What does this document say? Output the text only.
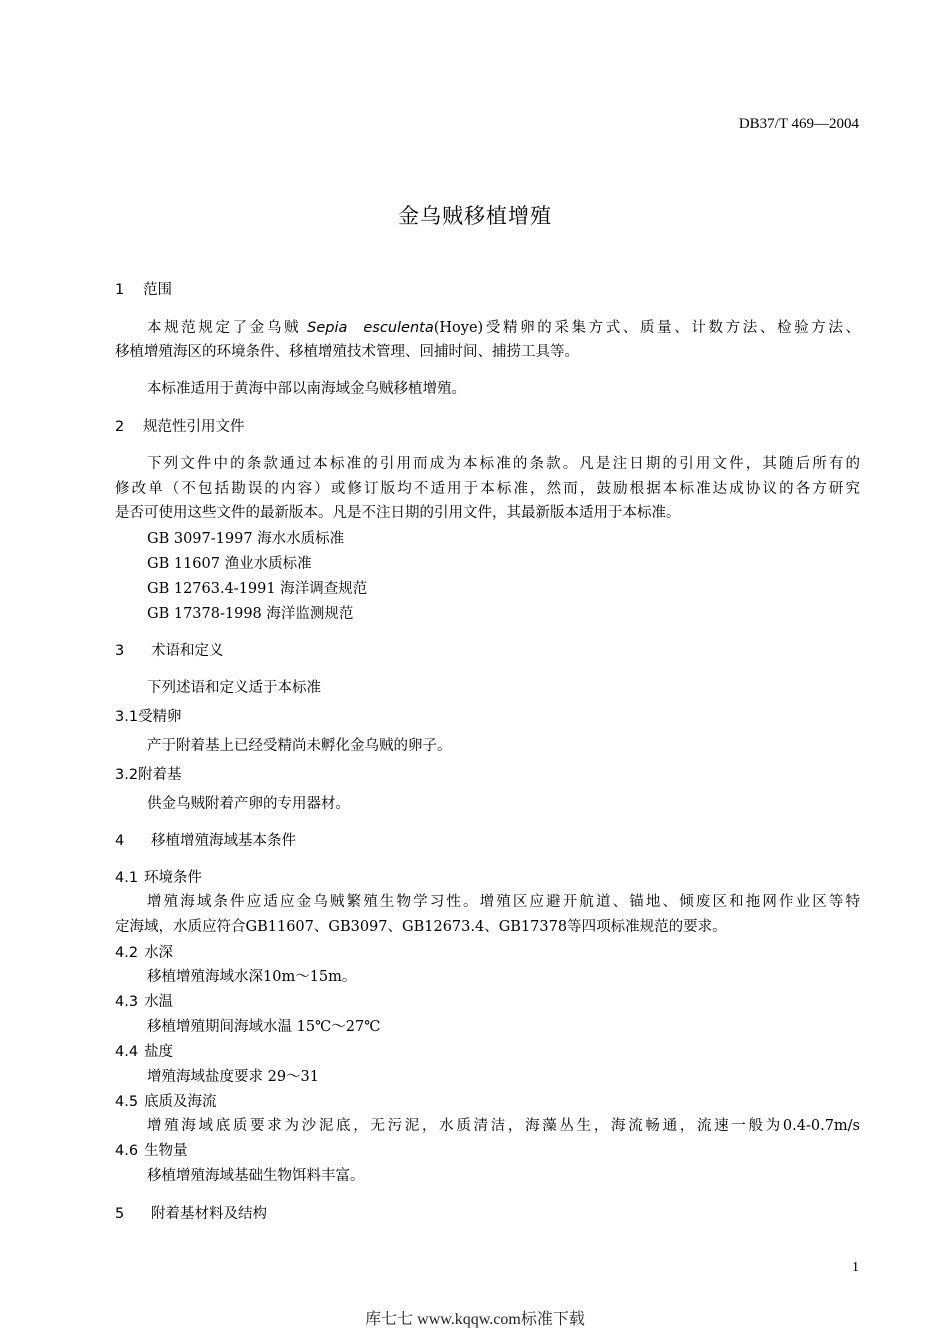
DB37/T 469—2004
金乌贼移植增殖
1 范围
本规范规定了金乌贼 Sepia esculenta(Hoye)受精卵的采集方式、质量、计数方法、检验方法、
移植增殖海区的环境条件、移植增殖技术管理、回捕时间、捕捞工具等。
本标准适用于黄海中部以南海域金乌贼移植增殖。
2 规范性引用文件
下列文件中的条款通过本标准的引用而成为本标准的条款。凡是注日期的引用文件，其随后所有的
修改单（不包括勘误的内容）或修订版均不适用于本标准，然而，鼓励根据本标准达成协议的各方研究
是否可使用这些文件的最新版本。凡是不注日期的引用文件，其最新版本适用于本标准。
GB 3097-1997 海水水质标准
GB 11607 渔业水质标准
GB 12763.4-1991 海洋调查规范
GB 17378-1998 海洋监测规范
3 术语和定义
下列述语和定义适于本标准
3.1受精卵
产于附着基上已经受精尚未孵化金乌贼的卵子。
3.2附着基
供金乌贼附着产卵的专用器材。
4 移植增殖海域基本条件
4.1 环境条件
增殖海域条件应适应金乌贼繁殖生物学习性。增殖区应避开航道、锚地、倾废区和拖网作业区等特
定海域，水质应符合GB11607、GB3097、GB12673.4、GB17378等四项标准规范的要求。
4.2 水深
移植增殖海域水深10m～15m。
4.3 水温
移植增殖期间海域水温 15℃～27℃
4.4 盐度
增殖海域盐度要求 29～31
4.5 底质及海流
增殖海域底质要求为沙泥底，无污泥，水质清洁，海藻丛生，海流畅通，流速一般为0.4-0.7m/s
4.6 生物量
移植增殖海域基础生物饵料丰富。
5 附着基材料及结构
1
库七七 www.kqqw.com标准下载
